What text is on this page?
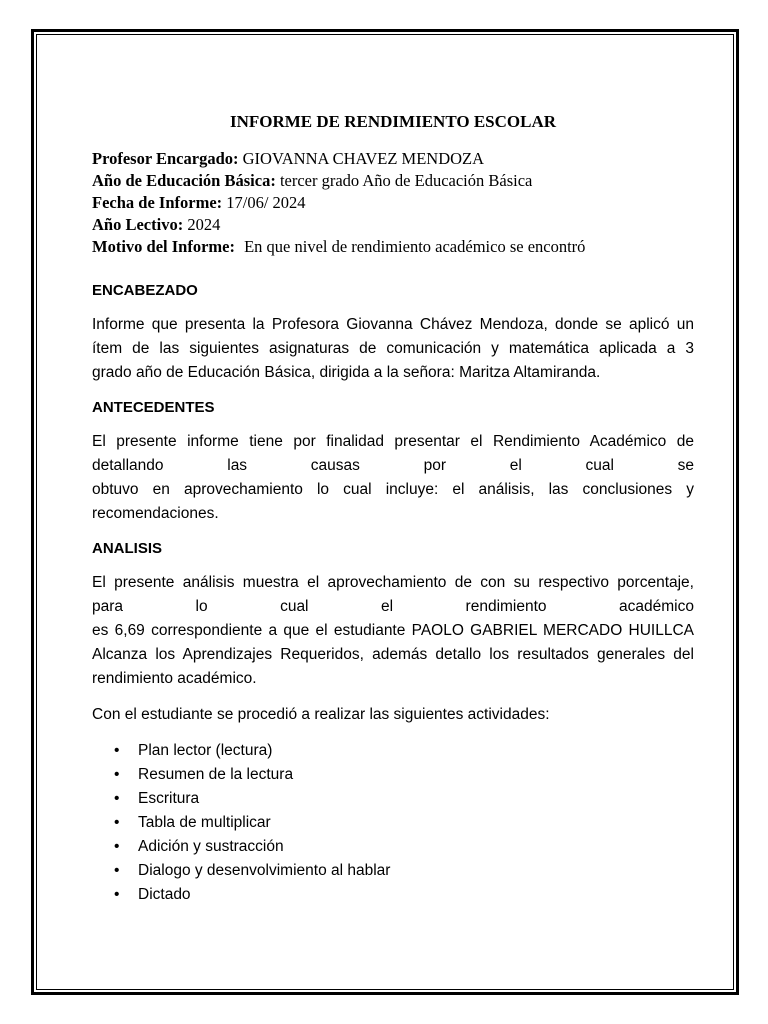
INFORME DE RENDIMIENTO ESCOLAR
Profesor Encargado: GIOVANNA CHAVEZ MENDOZA
Año de Educación Básica: tercer grado Año de Educación Básica
Fecha de Informe: 17/06/ 2024
Año Lectivo: 2024
Motivo del Informe: En que nivel de rendimiento académico se encontró
ENCABEZADO
Informe que presenta la Profesora Giovanna Chávez Mendoza, donde se aplicó un
ítem de las siguientes asignaturas de comunicación y matemática aplicada a 3
grado año de Educación Básica, dirigida a la señora: Maritza Altamiranda.
ANTECEDENTES
El presente informe tiene por finalidad presentar el Rendimiento Académico de
detallando las causas por el cual se
obtuvo en aprovechamiento lo cual incluye: el análisis, las conclusiones y
recomendaciones.
ANALISIS
El presente análisis muestra el aprovechamiento de con su respectivo porcentaje,
para lo cual el rendimiento académico
es 6,69 correspondiente a que el estudiante PAOLO GABRIEL MERCADO HUILLCA
Alcanza los Aprendizajes Requeridos, además detallo los resultados generales del
rendimiento académico.
Con el estudiante se procedió a realizar las siguientes actividades:
• Plan lector (lectura)
• Resumen de la lectura
• Escritura
• Tabla de multiplicar
• Adición y sustracción
• Dialogo y desenvolvimiento al hablar
• Dictado
